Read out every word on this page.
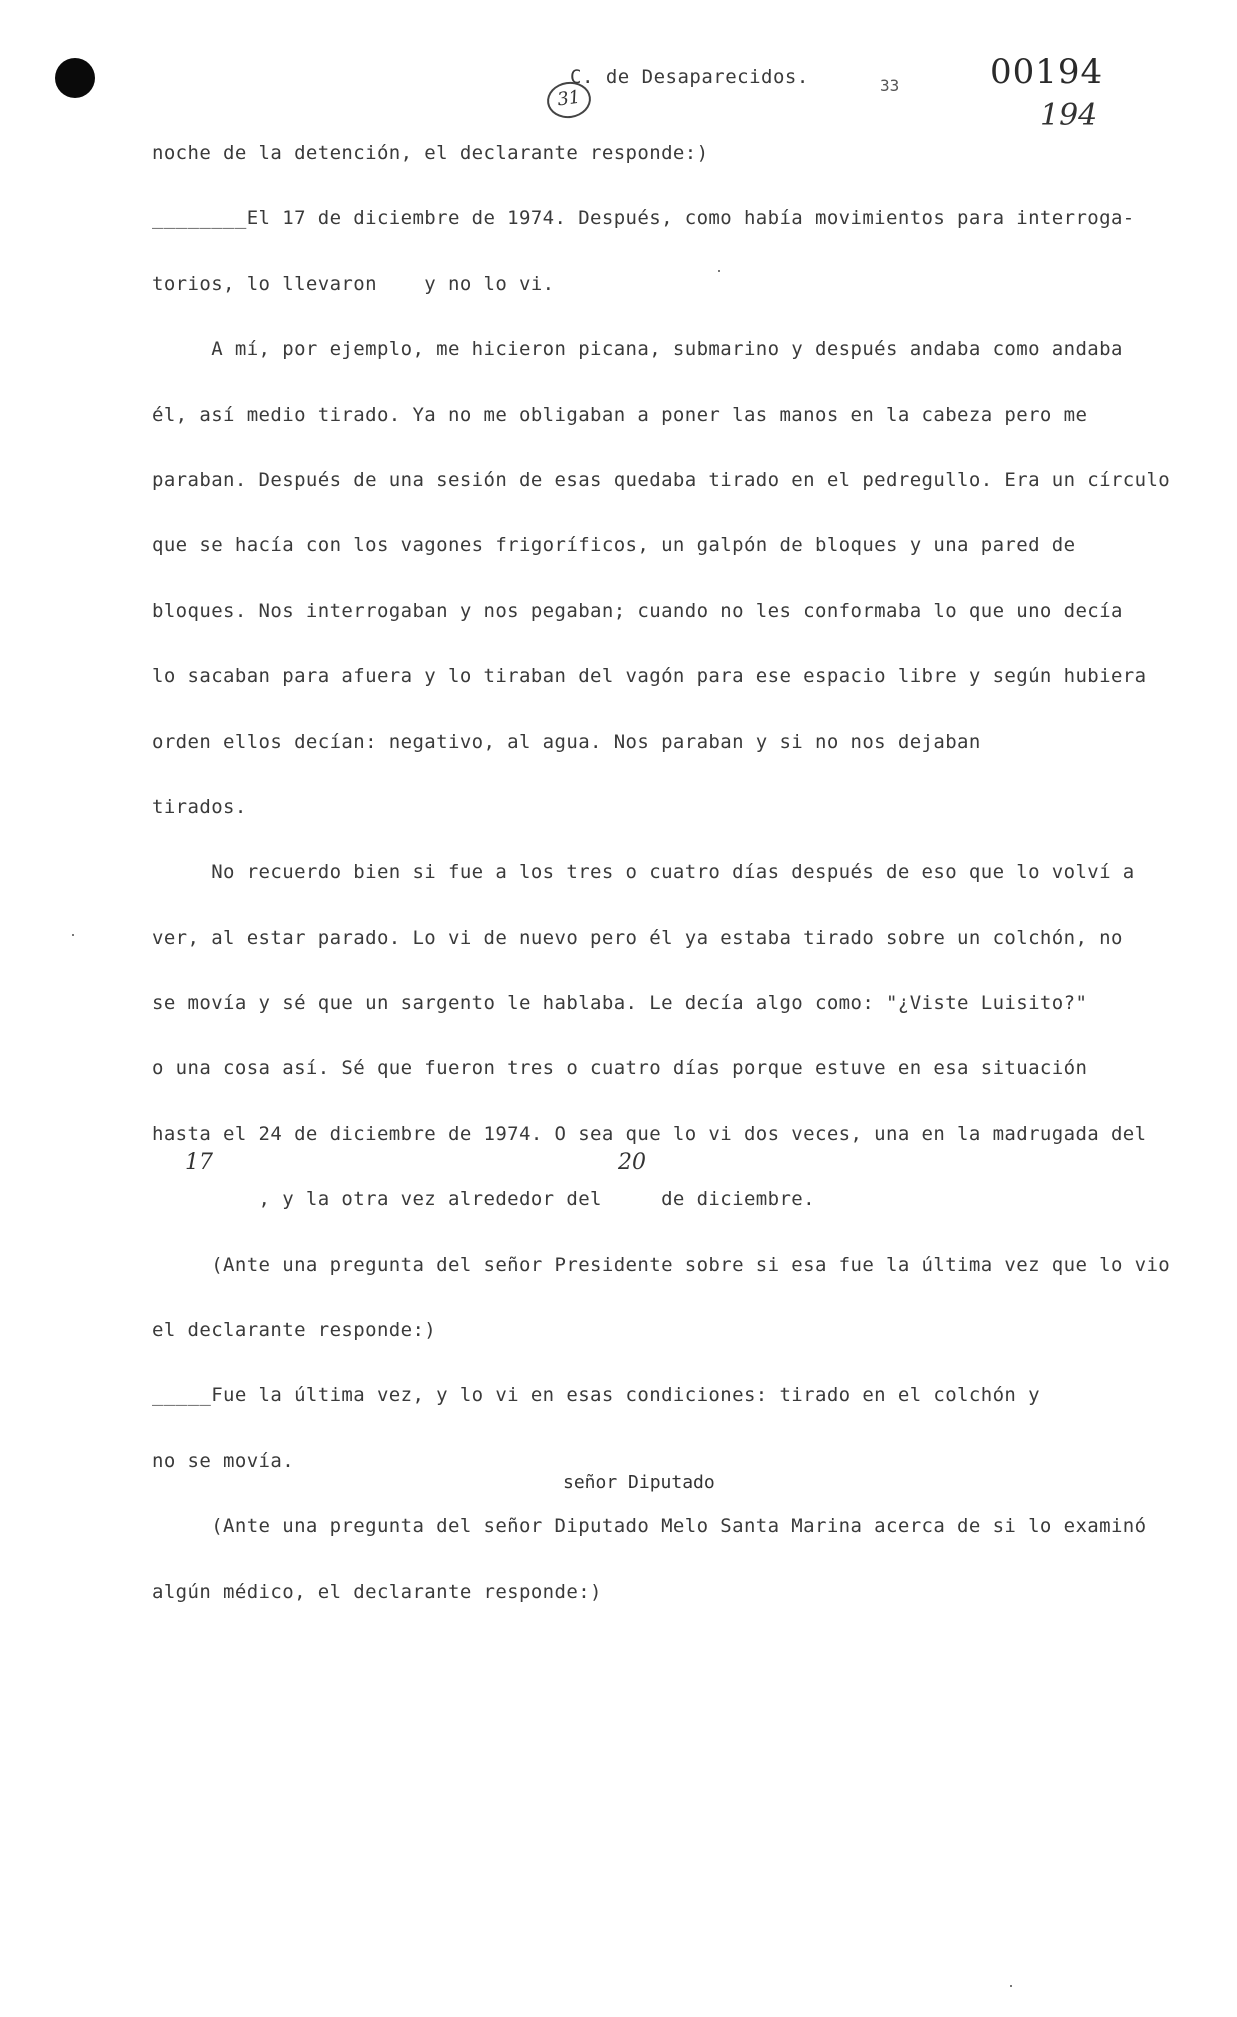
31
C. de Desaparecidos.	33	00194
194
noche de la detención, el declarante responde:)
________El 17 de diciembre de 1974. Después, como había movimientos para interroga-
torios, lo llevaron    y no lo vi.
A mí, por ejemplo, me hicieron picana, submarino y después andaba como andaba
él, así medio tirado. Ya no me obligaban a poner las manos en la cabeza pero me
paraban. Después de una sesión de esas quedaba tirado en el pedregullo. Era un círculo
que se hacía con los vagones frigoríficos, un galpón de bloques y una pared de
bloques. Nos interrogaban y nos pegaban; cuando no les conformaba lo que uno decía
lo sacaban para afuera y lo tiraban del vagón para ese espacio libre y según hubiera
orden ellos decían: negativo, al agua. Nos paraban y si no nos dejaban
tirados.
No recuerdo bien si fue a los tres o cuatro días después de eso que lo volví a
ver, al estar parado. Lo vi de nuevo pero él ya estaba tirado sobre un colchón, no
se movía y sé que un sargento le hablaba. Le decía algo como: "¿Viste Luisito?"
o una cosa así. Sé que fueron tres o cuatro días porque estuve en esa situación
hasta el 24 de diciembre de 1974. O sea que lo vi dos veces, una en la madrugada del
, y la otra vez alrededor del     de diciembre.
(Ante una pregunta del señor Presidente sobre si esa fue la última vez que lo vio
el declarante responde:)
_____Fue la última vez, y lo vi en esas condiciones: tirado en el colchón y
no se movía.
(Ante una pregunta del señor Diputado Melo Santa Marina acerca de si lo examinó
algún médico, el declarante responde:)
17	20
señor Diputado
